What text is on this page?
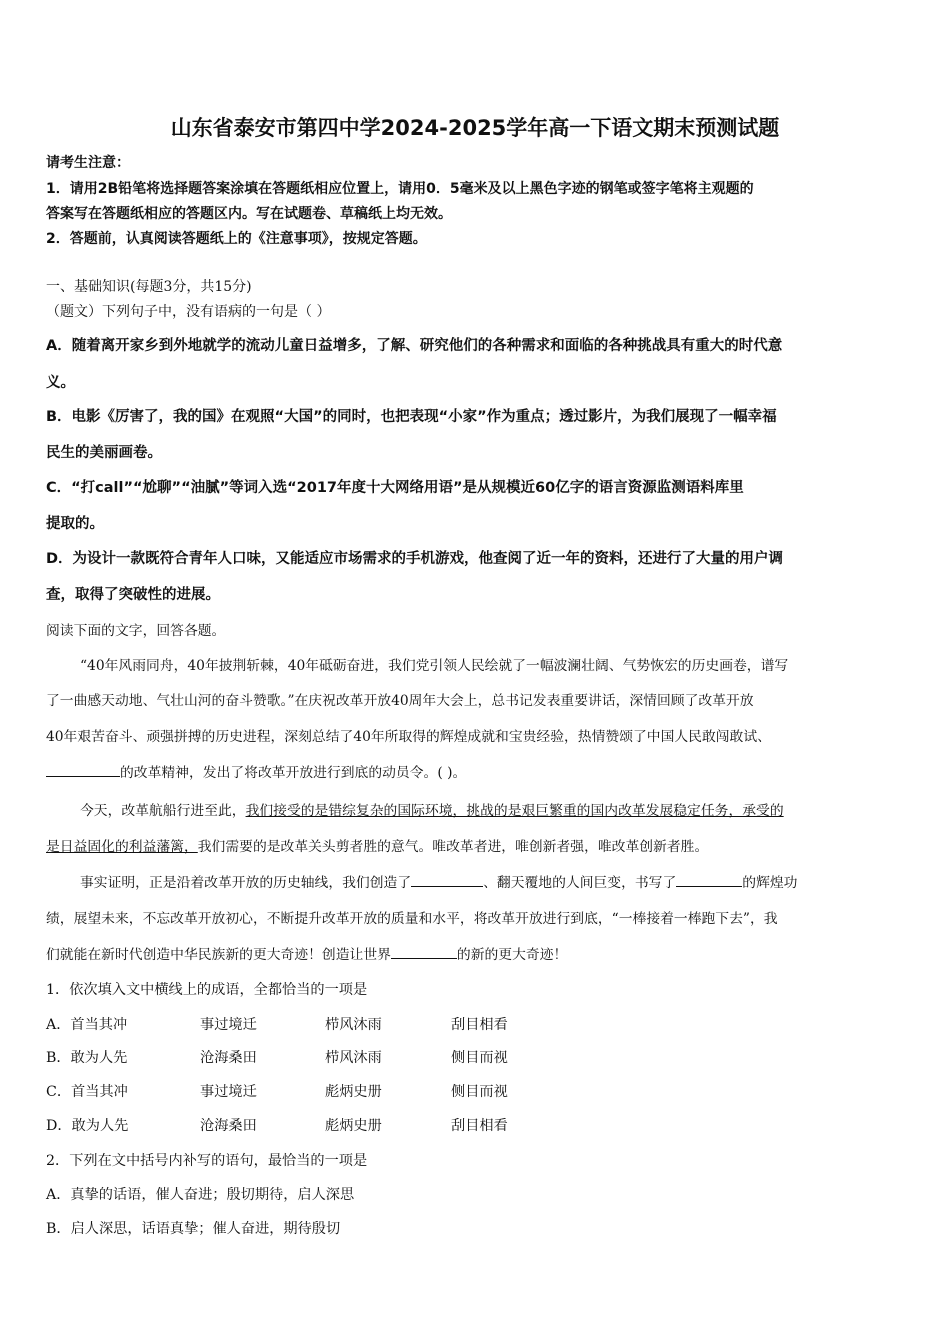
山东省泰安市第四中学2024-2025学年高一下语文期末预测试题
请考生注意：
1．请用2B铅笔将选择题答案涂填在答题纸相应位置上，请用0．5毫米及以上黑色字迹的钢笔或签字笔将主观题的
答案写在答题纸相应的答题区内。写在试题卷、草稿纸上均无效。
2．答题前，认真阅读答题纸上的《注意事项》，按规定答题。
一、基础知识(每题3分，共15分)
（题文）下列句子中，没有语病的一句是（ ）
A．随着离开家乡到外地就学的流动儿童日益增多，了解、研究他们的各种需求和面临的各种挑战具有重大的时代意
义。
B．电影《厉害了，我的国》在观照“大国”的同时，也把表现“小家”作为重点；透过影片，为我们展现了一幅幸福
民生的美丽画卷。
C．“打call”“尬聊”“油腻”等词入选“2017年度十大网络用语”是从规模近60亿字的语言资源监测语料库里
提取的。
D．为设计一款既符合青年人口味，又能适应市场需求的手机游戏，他查阅了近一年的资料，还进行了大量的用户调
查，取得了突破性的进展。
阅读下面的文字，回答各题。
“40年风雨同舟，40年披荆斩棘，40年砥砺奋进，我们党引领人民绘就了一幅波澜壮阔、气势恢宏的历史画卷，谱写
了一曲感天动地、气壮山河的奋斗赞歌。”在庆祝改革开放40周年大会上，总书记发表重要讲话，深情回顾了改革开放
40年艰苦奋斗、顽强拼搏的历史进程，深刻总结了40年所取得的辉煌成就和宝贵经验，热情赞颂了中国人民敢闯敢试、
的改革精神，发出了将改革开放进行到底的动员令。( )。
今天，改革航船行进至此，我们接受的是错综复杂的国际环境，挑战的是艰巨繁重的国内改革发展稳定任务，承受的
是日益固化的利益藩篱，我们需要的是改革关头剪者胜的意气。唯改革者进，唯创新者强，唯改革创新者胜。
事实证明，正是沿着改革开放的历史轴线，我们创造了	、翻天覆地的人间巨变，书写了	的辉煌功
绩，展望未来，不忘改革开放初心，不断提升改革开放的质量和水平，将改革开放进行到底，“一棒接着一棒跑下去”，我
们就能在新时代创造中华民族新的更大奇迹！创造让世界	的新的更大奇迹！
1．依次填入文中横线上的成语，全都恰当的一项是
A．首当其冲	事过境迁	栉风沐雨	刮目相看
B．敢为人先	沧海桑田	栉风沐雨	侧目而视
C．首当其冲	事过境迁	彪炳史册	侧目而视
D．敢为人先	沧海桑田	彪炳史册	刮目相看
2．下列在文中括号内补写的语句，最恰当的一项是
A．真挚的话语，催人奋进；殷切期待，启人深思
B．启人深思，话语真挚；催人奋进，期待殷切
